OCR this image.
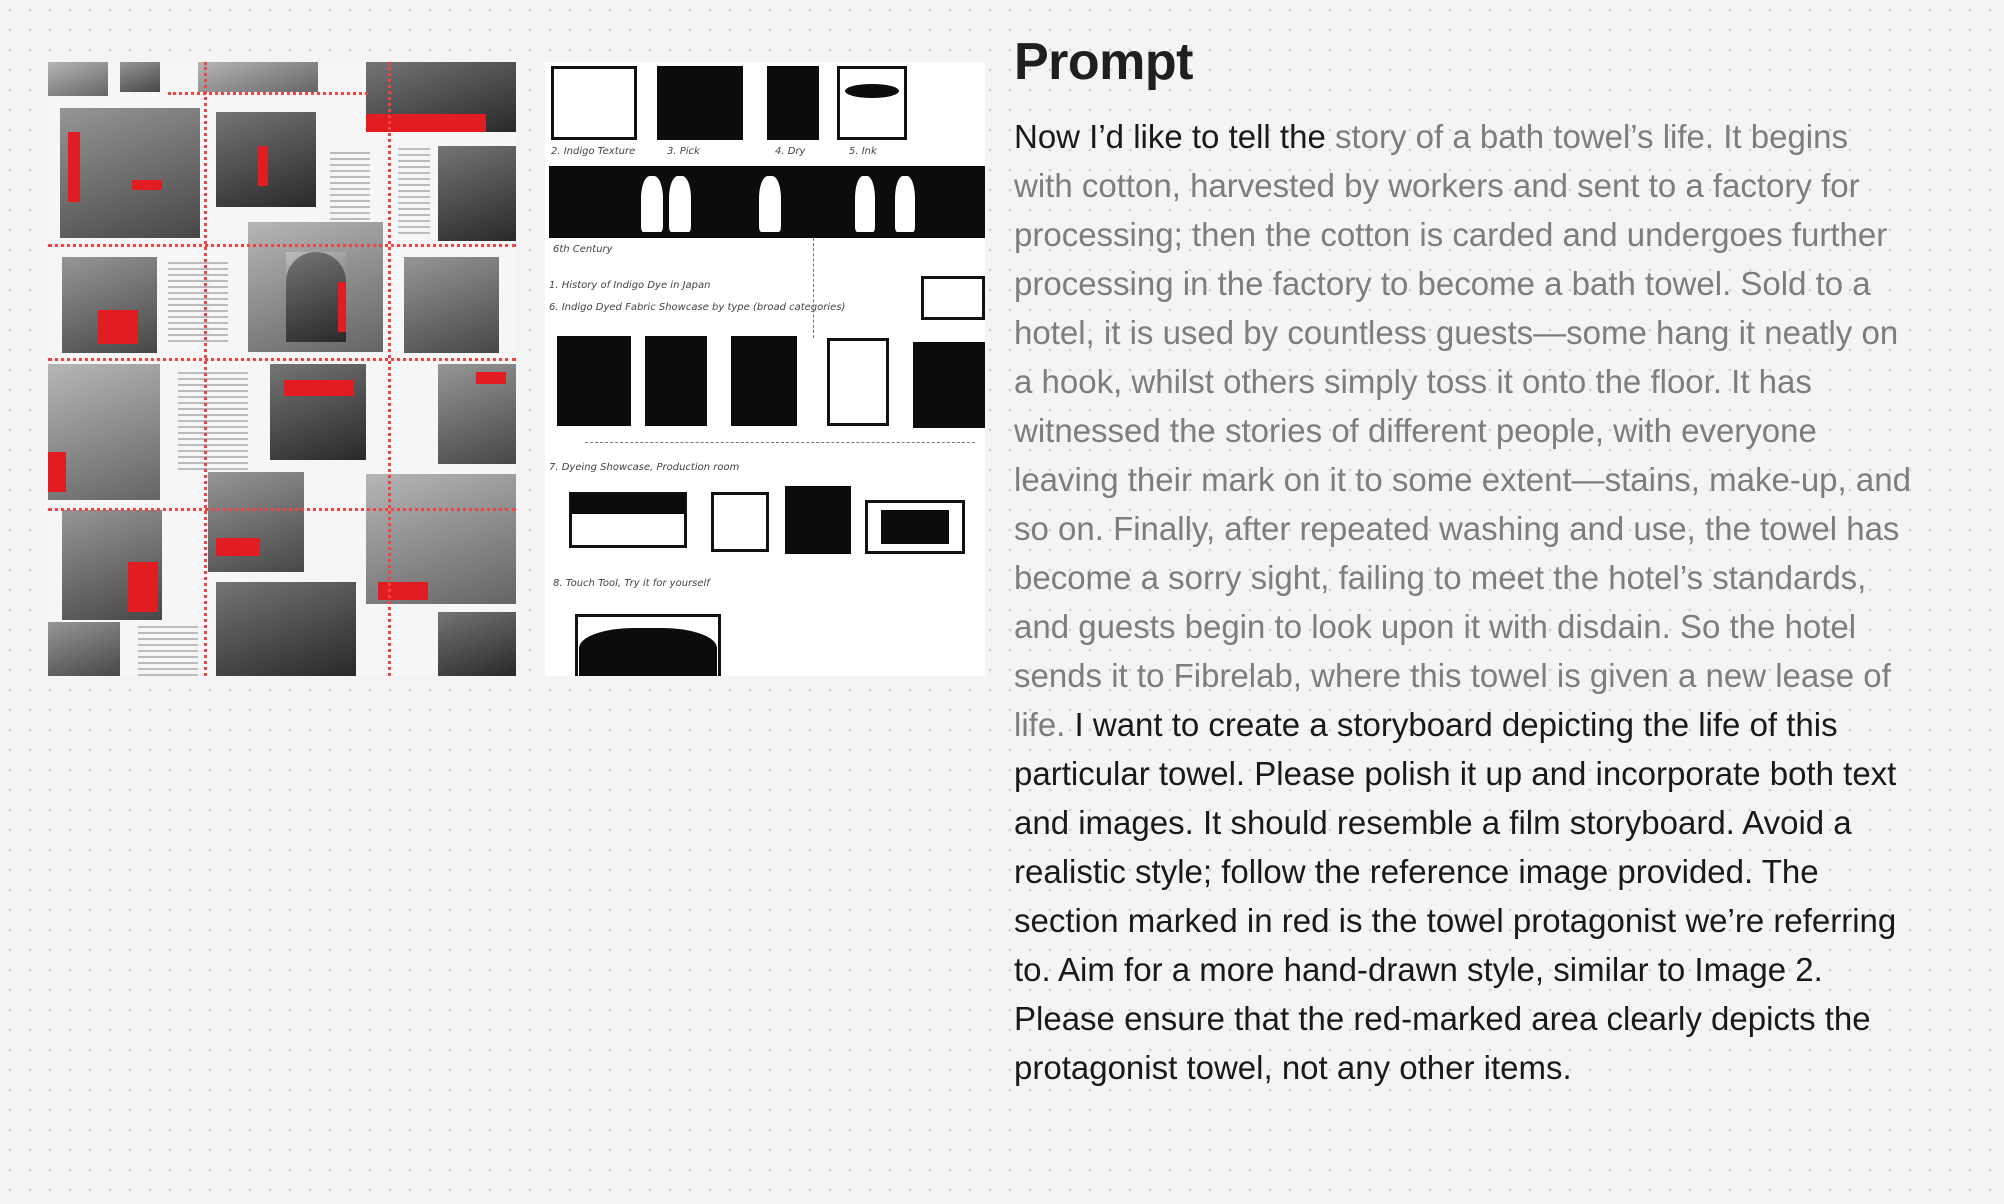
2. Indigo Texture	3. Pick	4. Dry	5. Ink
6th Century
1. History of Indigo Dye in Japan
6. Indigo Dyed Fabric Showcase by type (broad categories)
7. Dyeing Showcase, Production room
8. Touch Tool, Try it for yourself
Prompt

Now I’d like to tell the story of a bath towel’s life. It begins with cotton, harvested by workers and sent to a factory for processing; then the cotton is carded and undergoes further processing in the factory to become a bath towel. Sold to a hotel, it is used by countless guests—some hang it neatly on a hook, whilst others simply toss it onto the floor. It has witnessed the stories of different people, with everyone leaving their mark on it to some extent—stains, make-up, and so on. Finally, after repeated washing and use, the towel has become a sorry sight, failing to meet the hotel’s standards, and guests begin to look upon it with disdain. So the hotel sends it to Fibrelab, where this towel is given a new lease of life. I want to create a storyboard depicting the life of this particular towel. Please polish it up and incorporate both text and images. It should resemble a film storyboard. Avoid a realistic style; follow the reference image provided. The section marked in red is the towel protagonist we’re referring to. Aim for a more hand-drawn style, similar to Image 2. Please ensure that the red-marked area clearly depicts the protagonist towel, not any other items.
